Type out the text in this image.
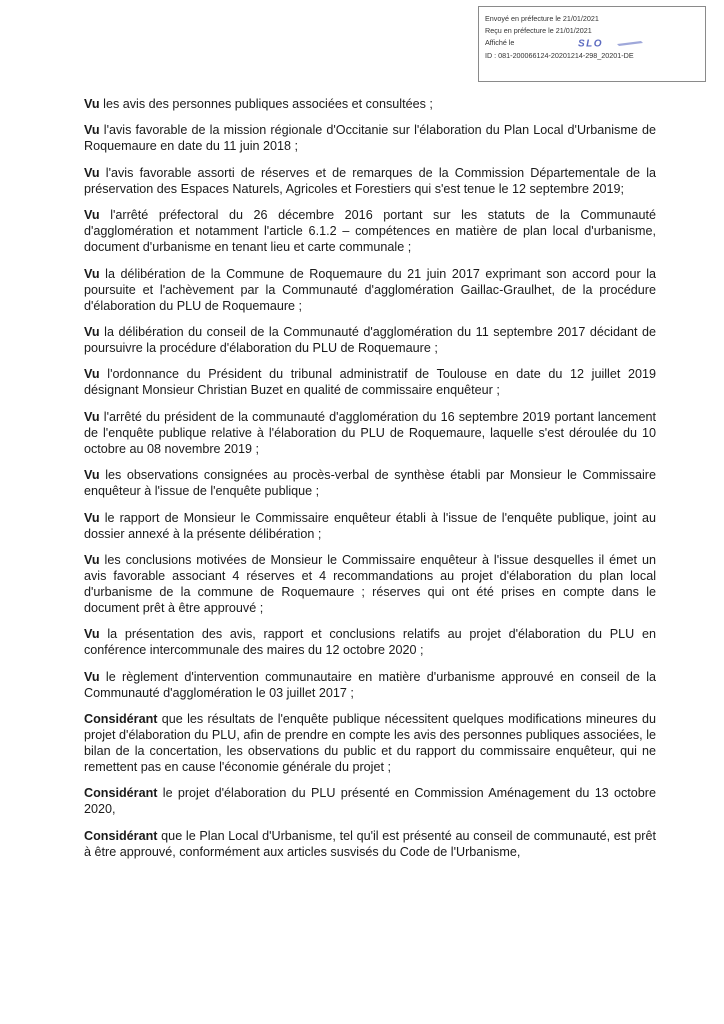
Envoyé en préfecture le 21/01/2021
Reçu en préfecture le 21/01/2021
Affiché le	SLO
ID : 081-200066124-20201214-298_20201-DE

Vu les avis des personnes publiques associées et consultées ;

Vu l'avis favorable de la mission régionale d'Occitanie sur l'élaboration du Plan Local d'Urbanisme de Roquemaure en date du 11 juin 2018 ;

Vu l'avis favorable assorti de réserves et de remarques de la Commission Départementale de la préservation des Espaces Naturels, Agricoles et Forestiers qui s'est tenue le 12 septembre 2019;

Vu l'arrêté préfectoral du 26 décembre 2016 portant sur les statuts de la Communauté d'agglomération et notamment l'article 6.1.2 – compétences en matière de plan local d'urbanisme, document d'urbanisme en tenant lieu et carte communale ;

Vu la délibération de la Commune de Roquemaure du 21 juin 2017 exprimant son accord pour la poursuite et l'achèvement par la Communauté d'agglomération Gaillac-Graulhet, de la procédure d'élaboration du PLU de Roquemaure ;

Vu la délibération du conseil de la Communauté d'agglomération du 11 septembre 2017 décidant de poursuivre la procédure d'élaboration du PLU de Roquemaure ;

Vu l'ordonnance du Président du tribunal administratif de Toulouse en date du 12 juillet 2019 désignant Monsieur Christian Buzet en qualité de commissaire enquêteur ;

Vu l'arrêté du président de la communauté d'agglomération du 16 septembre 2019 portant lancement de l'enquête publique relative à l'élaboration du PLU de Roquemaure, laquelle s'est déroulée du 10 octobre au 08 novembre 2019 ;

Vu les observations consignées au procès-verbal de synthèse établi par Monsieur le Commissaire enquêteur à l'issue de l'enquête publique ;

Vu le rapport de Monsieur le Commissaire enquêteur établi à l'issue de l'enquête publique, joint au dossier annexé à la présente délibération ;

Vu les conclusions motivées de Monsieur le Commissaire enquêteur à l'issue desquelles il émet un avis favorable associant 4 réserves et 4 recommandations au projet d'élaboration du plan local d'urbanisme de la commune de Roquemaure ; réserves qui ont été prises en compte dans le document prêt à être approuvé ;

Vu la présentation des avis, rapport et conclusions relatifs au projet d'élaboration du PLU en conférence intercommunale des maires du 12 octobre 2020 ;

Vu le règlement d'intervention communautaire en matière d'urbanisme approuvé en conseil de la Communauté d'agglomération le 03 juillet 2017 ;

Considérant que les résultats de l'enquête publique nécessitent quelques modifications mineures du projet d'élaboration du PLU, afin de prendre en compte les avis des personnes publiques associées, le bilan de la concertation, les observations du public et du rapport du commissaire enquêteur, qui ne remettent pas en cause l'économie générale du projet ;

Considérant le projet d'élaboration du PLU présenté en Commission Aménagement du 13 octobre 2020,

Considérant que le Plan Local d'Urbanisme, tel qu'il est présenté au conseil de communauté, est prêt à être approuvé, conformément aux articles susvisés du Code de l'Urbanisme,
